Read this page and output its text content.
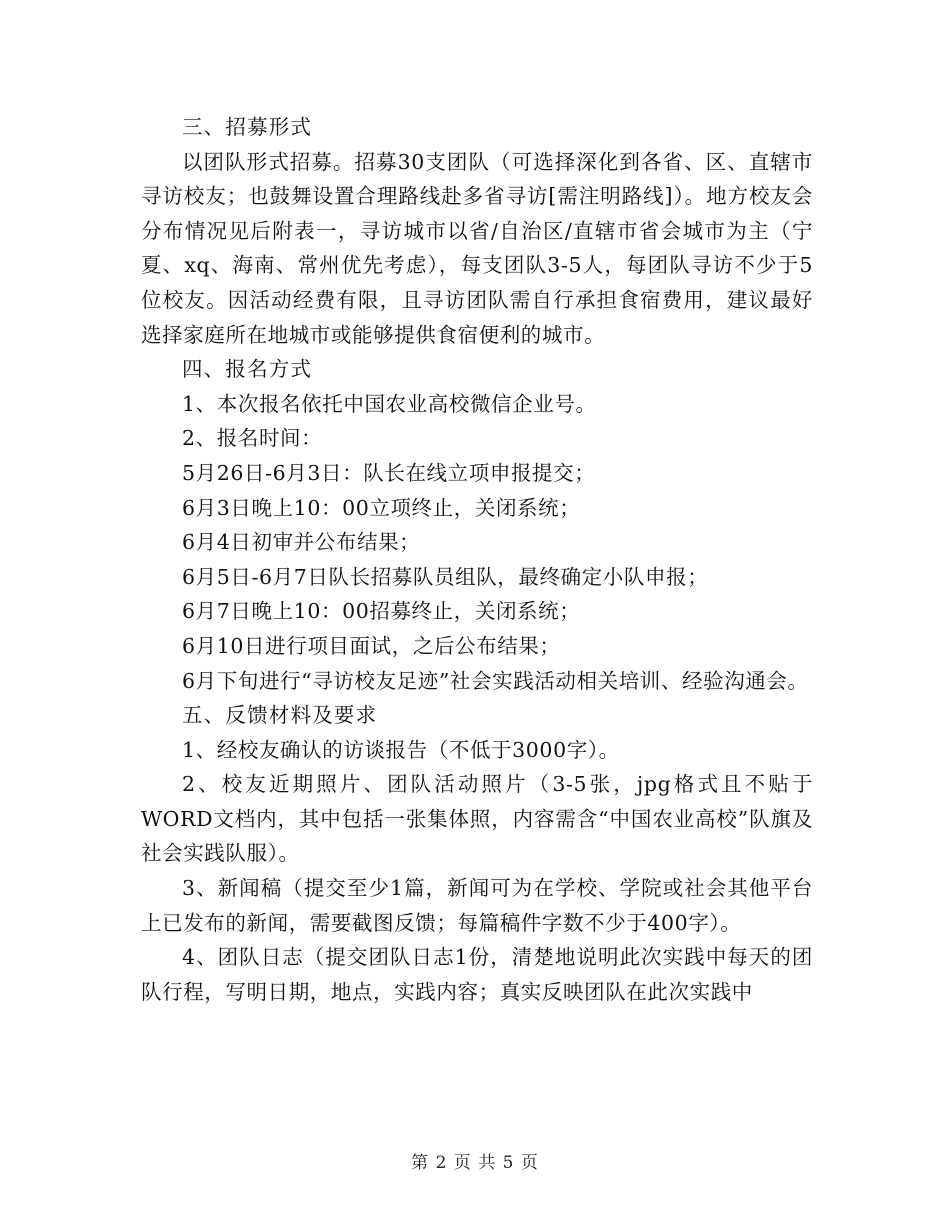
三、招募形式

以团队形式招募。招募30支团队（可选择深化到各省、区、直辖市寻访校友；也鼓舞设置合理路线赴多省寻访[需注明路线]）。地方校友会分布情况见后附表一，寻访城市以省/自治区/直辖市省会城市为主（宁夏、xq、海南、常州优先考虑），每支团队3-5人，每团队寻访不少于5位校友。因活动经费有限，且寻访团队需自行承担食宿费用，建议最好选择家庭所在地城市或能够提供食宿便利的城市。

四、报名方式

1、本次报名依托中国农业高校微信企业号。

2、报名时间：

5月26日-6月3日：队长在线立项申报提交；

6月3日晚上10：00立项终止，关闭系统；

6月4日初审并公布结果；

6月5日-6月7日队长招募队员组队，最终确定小队申报；

6月7日晚上10：00招募终止，关闭系统；

6月10日进行项目面试，之后公布结果；

6月下旬进行“寻访校友足迹”社会实践活动相关培训、经验沟通会。

五、反馈材料及要求

1、经校友确认的访谈报告（不低于3000字）。

2、校友近期照片、团队活动照片（3-5张，jpg格式且不贴于WORD文档内，其中包括一张集体照，内容需含“中国农业高校”队旗及社会实践队服）。

3、新闻稿（提交至少1篇，新闻可为在学校、学院或社会其他平台上已发布的新闻，需要截图反馈；每篇稿件字数不少于400字）。

4、团队日志（提交团队日志1份，清楚地说明此次实践中每天的团队行程，写明日期，地点，实践内容；真实反映团队在此次实践中

第 2 页 共 5 页
